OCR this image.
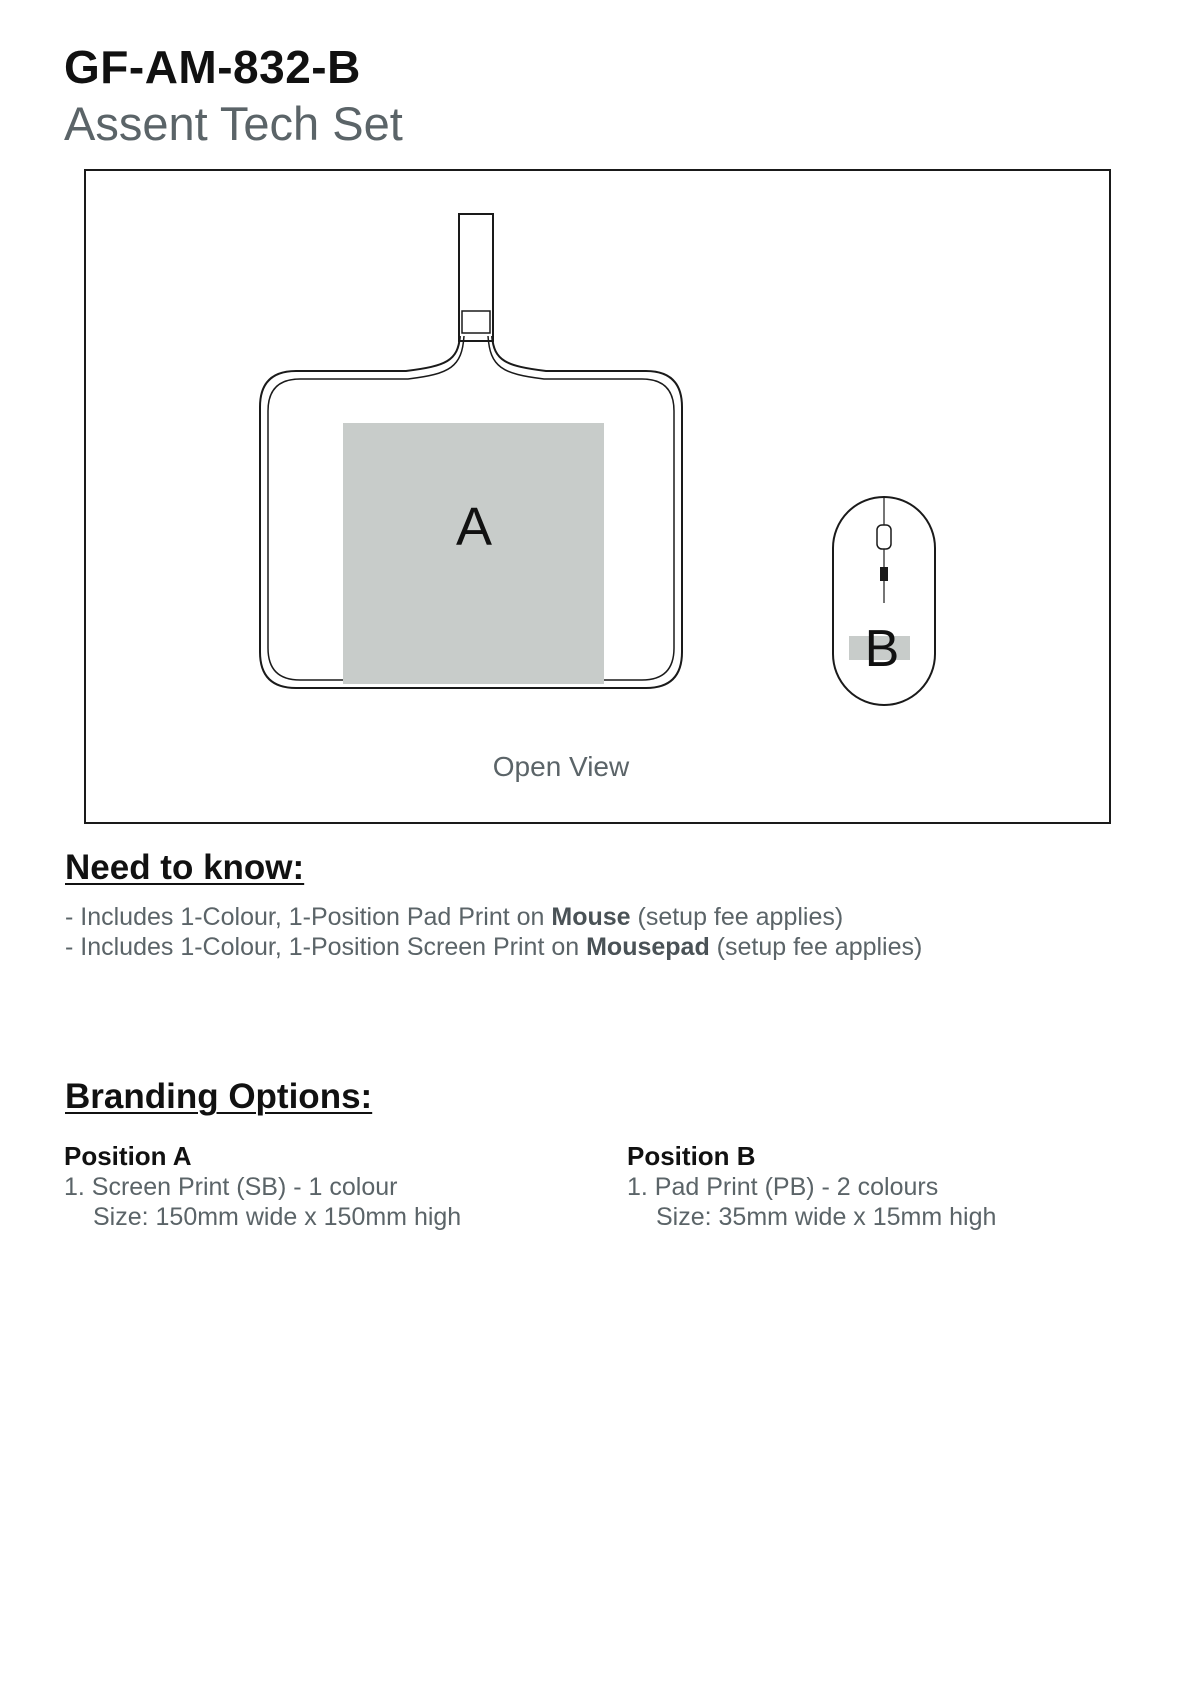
GF-AM-832-B
Assent Tech Set
A
B
Open View
Need to know:
- Includes 1-Colour, 1-Position Pad Print on Mouse (setup fee applies)
- Includes 1-Colour, 1-Position Screen Print on Mousepad (setup fee applies)
Branding Options:
Position A
1. Screen Print (SB) - 1 colour
Size: 150mm wide x 150mm high
Position B
1. Pad Print (PB) - 2 colours
Size: 35mm wide x 15mm high
